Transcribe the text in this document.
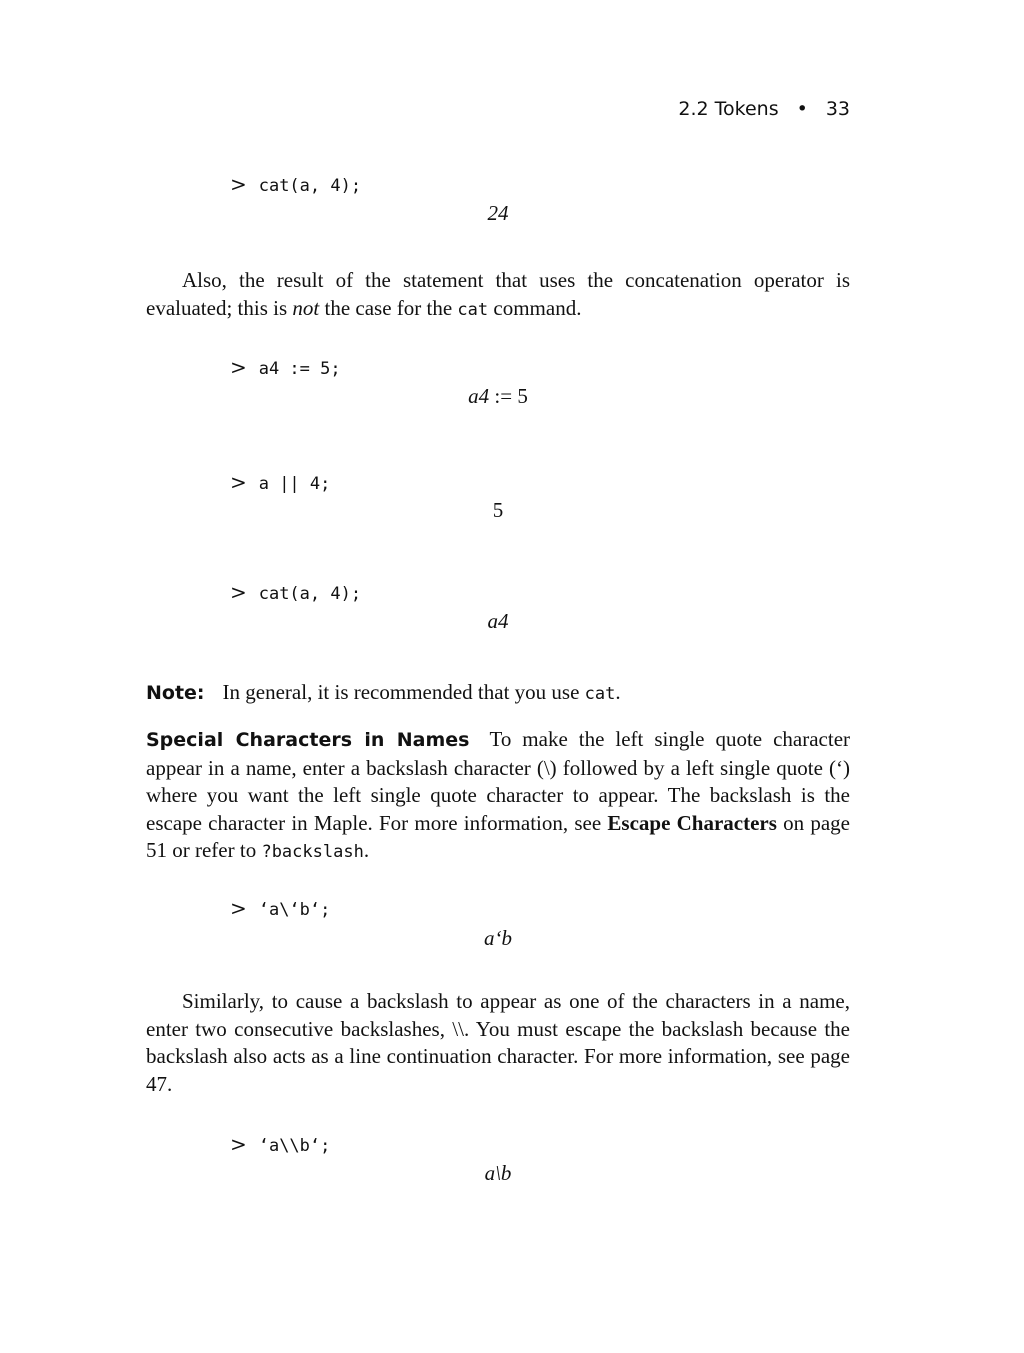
2.2 Tokens • 33

> cat(a, 4);

24
Also, the result of the statement that uses the concatenation operator is evaluated; this is not the case for the cat command.

> a4 := 5;

a4 := 5

> a || 4;

5

> cat(a, 4);

a4
Note: In general, it is recommended that you use cat.
Special Characters in Names To make the left single quote character appear in a name, enter a backslash character (\) followed by a left single quote (‘) where you want the left single quote character to appear. The backslash is the escape character in Maple. For more information, see Escape Characters on page 51 or refer to ?backslash.

> ‘a\‘b‘;

a‘b
Similarly, to cause a backslash to appear as one of the characters in a name, enter two consecutive backslashes, \\. You must escape the backslash because the backslash also acts as a line continuation character. For more information, see page 47.

> ‘a\\b‘;

a\b
